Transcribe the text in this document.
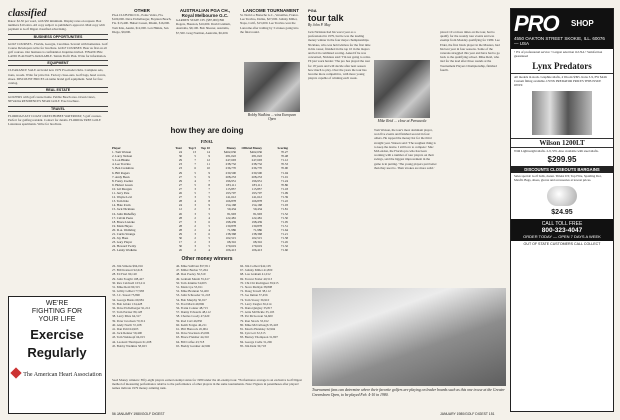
classified
Rates: $2.50 per word, with $50 minimum. Display rates on request. Box numbers $10 extra. All copy subject to publisher's approval. Mail copy with payment to Golf Digest classified advertising.
BUSINESS OPPORTUNITIES
GOLF COURSES - Florida, Georgia, Carolinas. Several with homesites. Golf Course Developers write for brochure. GOLF COURSES: Hear us first on all golf courses. Our business is confidential. Inquiries invited. FINANCING: LAND IS ALWAYS AVAILABLE. Tennis Profit Plan. Write for information.
EQUIPMENT
CLEARANCE SALE on brand new 1979 Pro-model clubs. Complete sets, irons, woods. Write for price list. Factory close-outs. Golf bags, head covers, shoes. DISCOUNT PRICES on name brand golf equipment. Send for free catalog.
REAL ESTATE
GOLFERS with golf course home. Pebble Beach area. Ocean views, NEVADA RESIDENCES NEAR GOLF. Free brochure.
TRAVEL
FLORIDA EAST COAST OKEECHOBEE WATERWAY, 5 golf courses. Perfect for golfing resident. Contact for details. FLORIDA TREE GOLF. Luxurious apartments. Write for brochure.
WE'RE
FIGHTING FOR
YOUR LIFE
Exercise
Regularly
The American Heart Association
OTHER
PGA CLUB PRO Ch., Ponte Vedra, Fla. $100,000. Dave Eichelberger, Boynton Beach, Fla. $13,400. Hubert Green, Miami, $16,000. Tom Kite, Austin, $12,000. Lon Hinkle, San Diego, $9,000.
AUSTRALIAN PGA CH., Royal Melbourne G.C.
GARDEN STATE CH. ($87,000) Bill Rogers, Houston, $16,000. David Graham, Australia, $9,100. Bob Shearer, Australia, $7,500. Greg Norman, Australia, $6,200.
LANCOME TOURNAMENT
St. Nom La Breteche G.C., Versailles, France. Lee Trevino, Dallas, $27,000. Johnny Miller, Napa, Calif., $15,000. Lee Trevino won the Lancome after trailing by 3 strokes going into the final round.
Bobby Wadkins ... wins European Open
how they are doing
FINAL
Player	Tour	Top 5	Top 10	Money	Official Money	Scoring
1. Tom Watson	24	13	14	$462,636	$462,636	70.27
2. Larry Nelson	30	5	9	281,022	281,022	70.48
3. Lon Hinkle	29	7	12	247,693	247,693	71.12
4. Lee Trevino	23	7	11	238,732	238,732	70.53
5. Ben Crenshaw	23	6	10	236,770	236,770	70.90
6. Bill Rogers	29	5	9	230,500	230,500	71.04
7. Andy Bean	27	5	9	208,253	208,253	71.01
8. Fuzzy Zoeller	29	4	7	196,951	196,951	71.24
9. Hubert Green	27	5	8	183,111	183,111	70.86
10. Gil Morgan	27	3	7	115,857	115,857	71.18
11. Jerry Pate	26	5	7	193,707	193,707	71.09
12. Wayne Levi	27	3	5	141,612	141,612	71.39
13. Tom Kite	28	4	8	166,878	166,878	71.22
14. Hale Irwin	24	3	9	154,168	154,168	71.03
15. Jack Nicklaus	12	2	3	59,434	59,434	71.81
16. John Mahaffey	26	3	5	81,993	81,993	71.52
17. Calvin Peete	28	2	4	122,481	122,481	71.50
18. Bruce Lietzke	27	3	6	198,439	198,439	71.05
19. Mark Hayes	28	2	5	130,878	130,878	71.51
20. D.A. Weibring	28	2	4	71,986	71,986	71.64
21. Curtis Strange	29	3	6	138,368	138,368	71.21
22. Jay Haas	30	2	5	102,515	102,515	71.58
23. Gary Player	17	2	3	68,316	68,316	71.45
24. Howard Twitty	30	3	5	179,619	179,619	71.32
25. Lanny Wadkins	26	2	4	106,413	106,413	71.60
Other money winners
26. Jim Simons $94,016
27. Bill Kratzert 92,618
28. Ed Fiori 90,120
29. John Fought 108,427
30. Rex Caldwell 103,211
31. Mike Reid 90,315
32. Gibby Gilbert 77,983
33. J.C. Snead 75,890
34. George Burns 69,981
35. Bob Gilder 134,428
36. Dave Eichelberger 91,212
37. Tom Purtzer 80,128
38. Larry Mize 64,317
39. Peter Jacobsen 70,312
40. Andy North 72,108
41. Dan Pohl 64,903
42. Jack Renner 59,400
43. Tom Weiskopf 64,015
44. Leonard Thompson 61,208
45. Bobby Wadkins 58,923
46. Mike Sullivan $57,811
47. Miller Barber 57,204
48. Don Pooley 56,319
49. Graham Marsh 55,617
50. Tom Jenkins 54,003
51. Mark Lye 53,911
52. Mike Brannan 52,400
53. John Schroeder 51,218
54. Bob Murphy 50,917
55. Fred Marti 49,806
56. Frank Conner 48,715
57. Danny Edwards 48,112
58. Charles Coody 47,620
59. Rod Curl 46,830
60. Keith Fergus 46,211
61. Phil Hancock 45,904
62. Dave Stockton 45,006
63. Bruce Fleisher 44,310
64. Bill Calfee 43,718
65. Buddy Gardner 42,906
66. Jim Colbert $42,105
67. Johnny Miller 41,800
68. Lou Graham 41,012
69. Forrest Fezler 40,513
70. Chi Chi Rodriguez 39,915
71. Steve Melnyk 38,808
72. Doug Tewell 38,112
73. Joe Inman 37,456
74. Tom Storey 36,910
75. Larry Ziegler 36,214
76. Dana Quigley 35,817
77. Artie McNickle 35,103
78. Pat McGowan 34,600
79. Ron Streck 33,912
80. Mike McCullough 33,418
81. Morris Hatalsky 32,904
82. Lyn Lott 32,315
83. Barney Thompson 31,807
84. George Cadle 31,206
85. Jim Dent 30,718
Seed Money winners: Fifty-eight players earned exempt status for 1980 under the all-exempt tour. *Performance average is an exclusive Golf Digest method of measuring performance relative to the performance of other players in the same tournaments. Note: Figures in parentheses after players' names indicate 1979 money-winning rank.
56 JANUARY 1980/GOLF DIGEST
PGA
tour talk
By John P. May
Jack Nicklaus had his worst year as a professional in 1979, but he was the leading money winner in the four major championships. Nicklaus, who was held winless for the first time in his career, finished in the top 10 in the majors and led in combined scoring. Asked if he was concerned, Nicklaus said: 'I'm not going to retire. I'll just work harder.' The pro has played the tour for 18 years and will decide after next season how much to play. Over the years the tour has become more competitive, with more young players capable of winning each week.
placed 10 or more times on the tour, had to qualify for the weekly tour events and was exempt from Monday qualifying for 1980. Lee Elder, the first black player in the Masters, had his best year in four seasons. Some of the veterans struggled this year and have had to go back to the qualifying school. Mike Reid, who tied for the lead after three rounds at the Tournament Players Championship, finished fourth.
Tom Watson, the tour's most dominant player, won five events and finished second in four others. He topped the money list for the third straight year. Watson said: 'The toughest thing is to keep the desire. I still love to compete.' Mac McLendon, the Florida pro who has been working with a number of tour players on their swings, said the biggest improvement in the game is in putting. 'The young players putt better than they used to. Their strokes are more solid.'
Mike Reid ... close at Pensacola
Tournament fans can determine where their favorite golfers are playing on leader boards such as this one in use at the Greater Greensboro Open, to be played Feb. 4-10 in 1980.
JANUARY 1980/GOLF DIGEST 151
PRO	SHOP
4550 OAKTON STREET SKOKIE, ILL. 60076 — USA
• 9% of professional service • Largest selection in USA • Satisfaction guaranteed
Lynx Predators
All models in stock. Graphite shafts, 4 Woods $395. Irons 3-9, PW $440. Custom fitting available. LYNX PREDATOR PRICES THIS ISSUE ONLY.
Wilson 1200LT
With Lightweight shafts. 2-9, SW. Also available with steel shafts.
$299.95
DISCOUNTS CLOSEOUTS BARGAINS
Sales special: Golf balls, dozen. Titleist DT, Top Flite, Spalding Dot, Maxfli. Bags, shoes, gloves and accessories at lowest prices.
$24.95
CALL TOLL FREE
800-323-4047
ORDER TODAY — OPEN 7 DAYS A WEEK
OUT OF STATE CUSTOMERS CALL COLLECT
